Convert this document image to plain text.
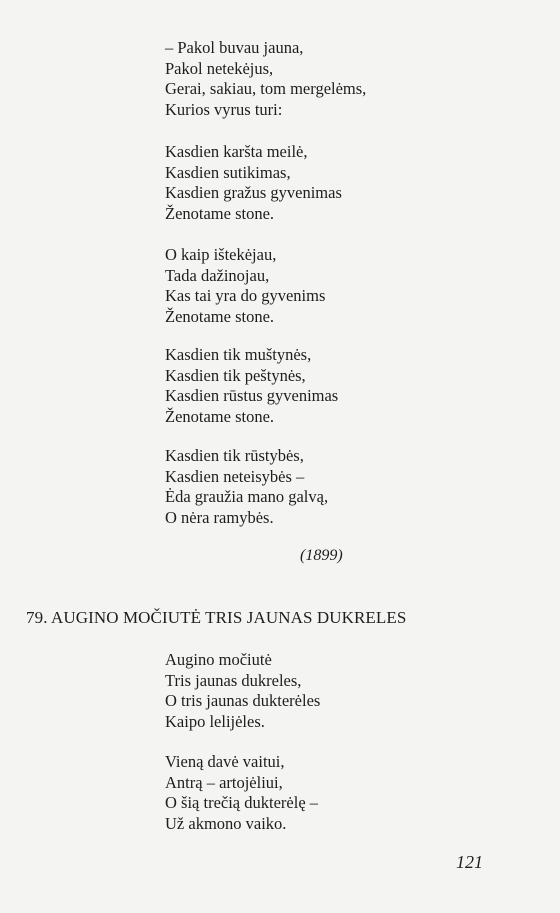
– Pakol buvau jauna,
Pakol netekėjus,
Gerai, sakiau, tom mergelėms,
Kurios vyrus turi:
Kasdien karšta meilė,
Kasdien sutikimas,
Kasdien gražus gyvenimas
Ženotame stone.
O kaip ištekėjau,
Tada dažinojau,
Kas tai yra do gyvenims
Ženotame stone.
Kasdien tik muštynės,
Kasdien tik peštynės,
Kasdien rūstus gyvenimas
Ženotame stone.
Kasdien tik rūstybės,
Kasdien neteisybės –
Ėda graužia mano galvą,
O nėra ramybės.
(1899)
79. AUGINO MOČIUTĖ TRIS JAUNAS DUKRELES
Augino močiutė
Tris jaunas dukreles,
O tris jaunas dukterėles
Kaipo lelijėles.
Vieną davė vaitui,
Antrą – artojėliui,
O šią trečią dukterėlę –
Už akmono vaiko.
121
